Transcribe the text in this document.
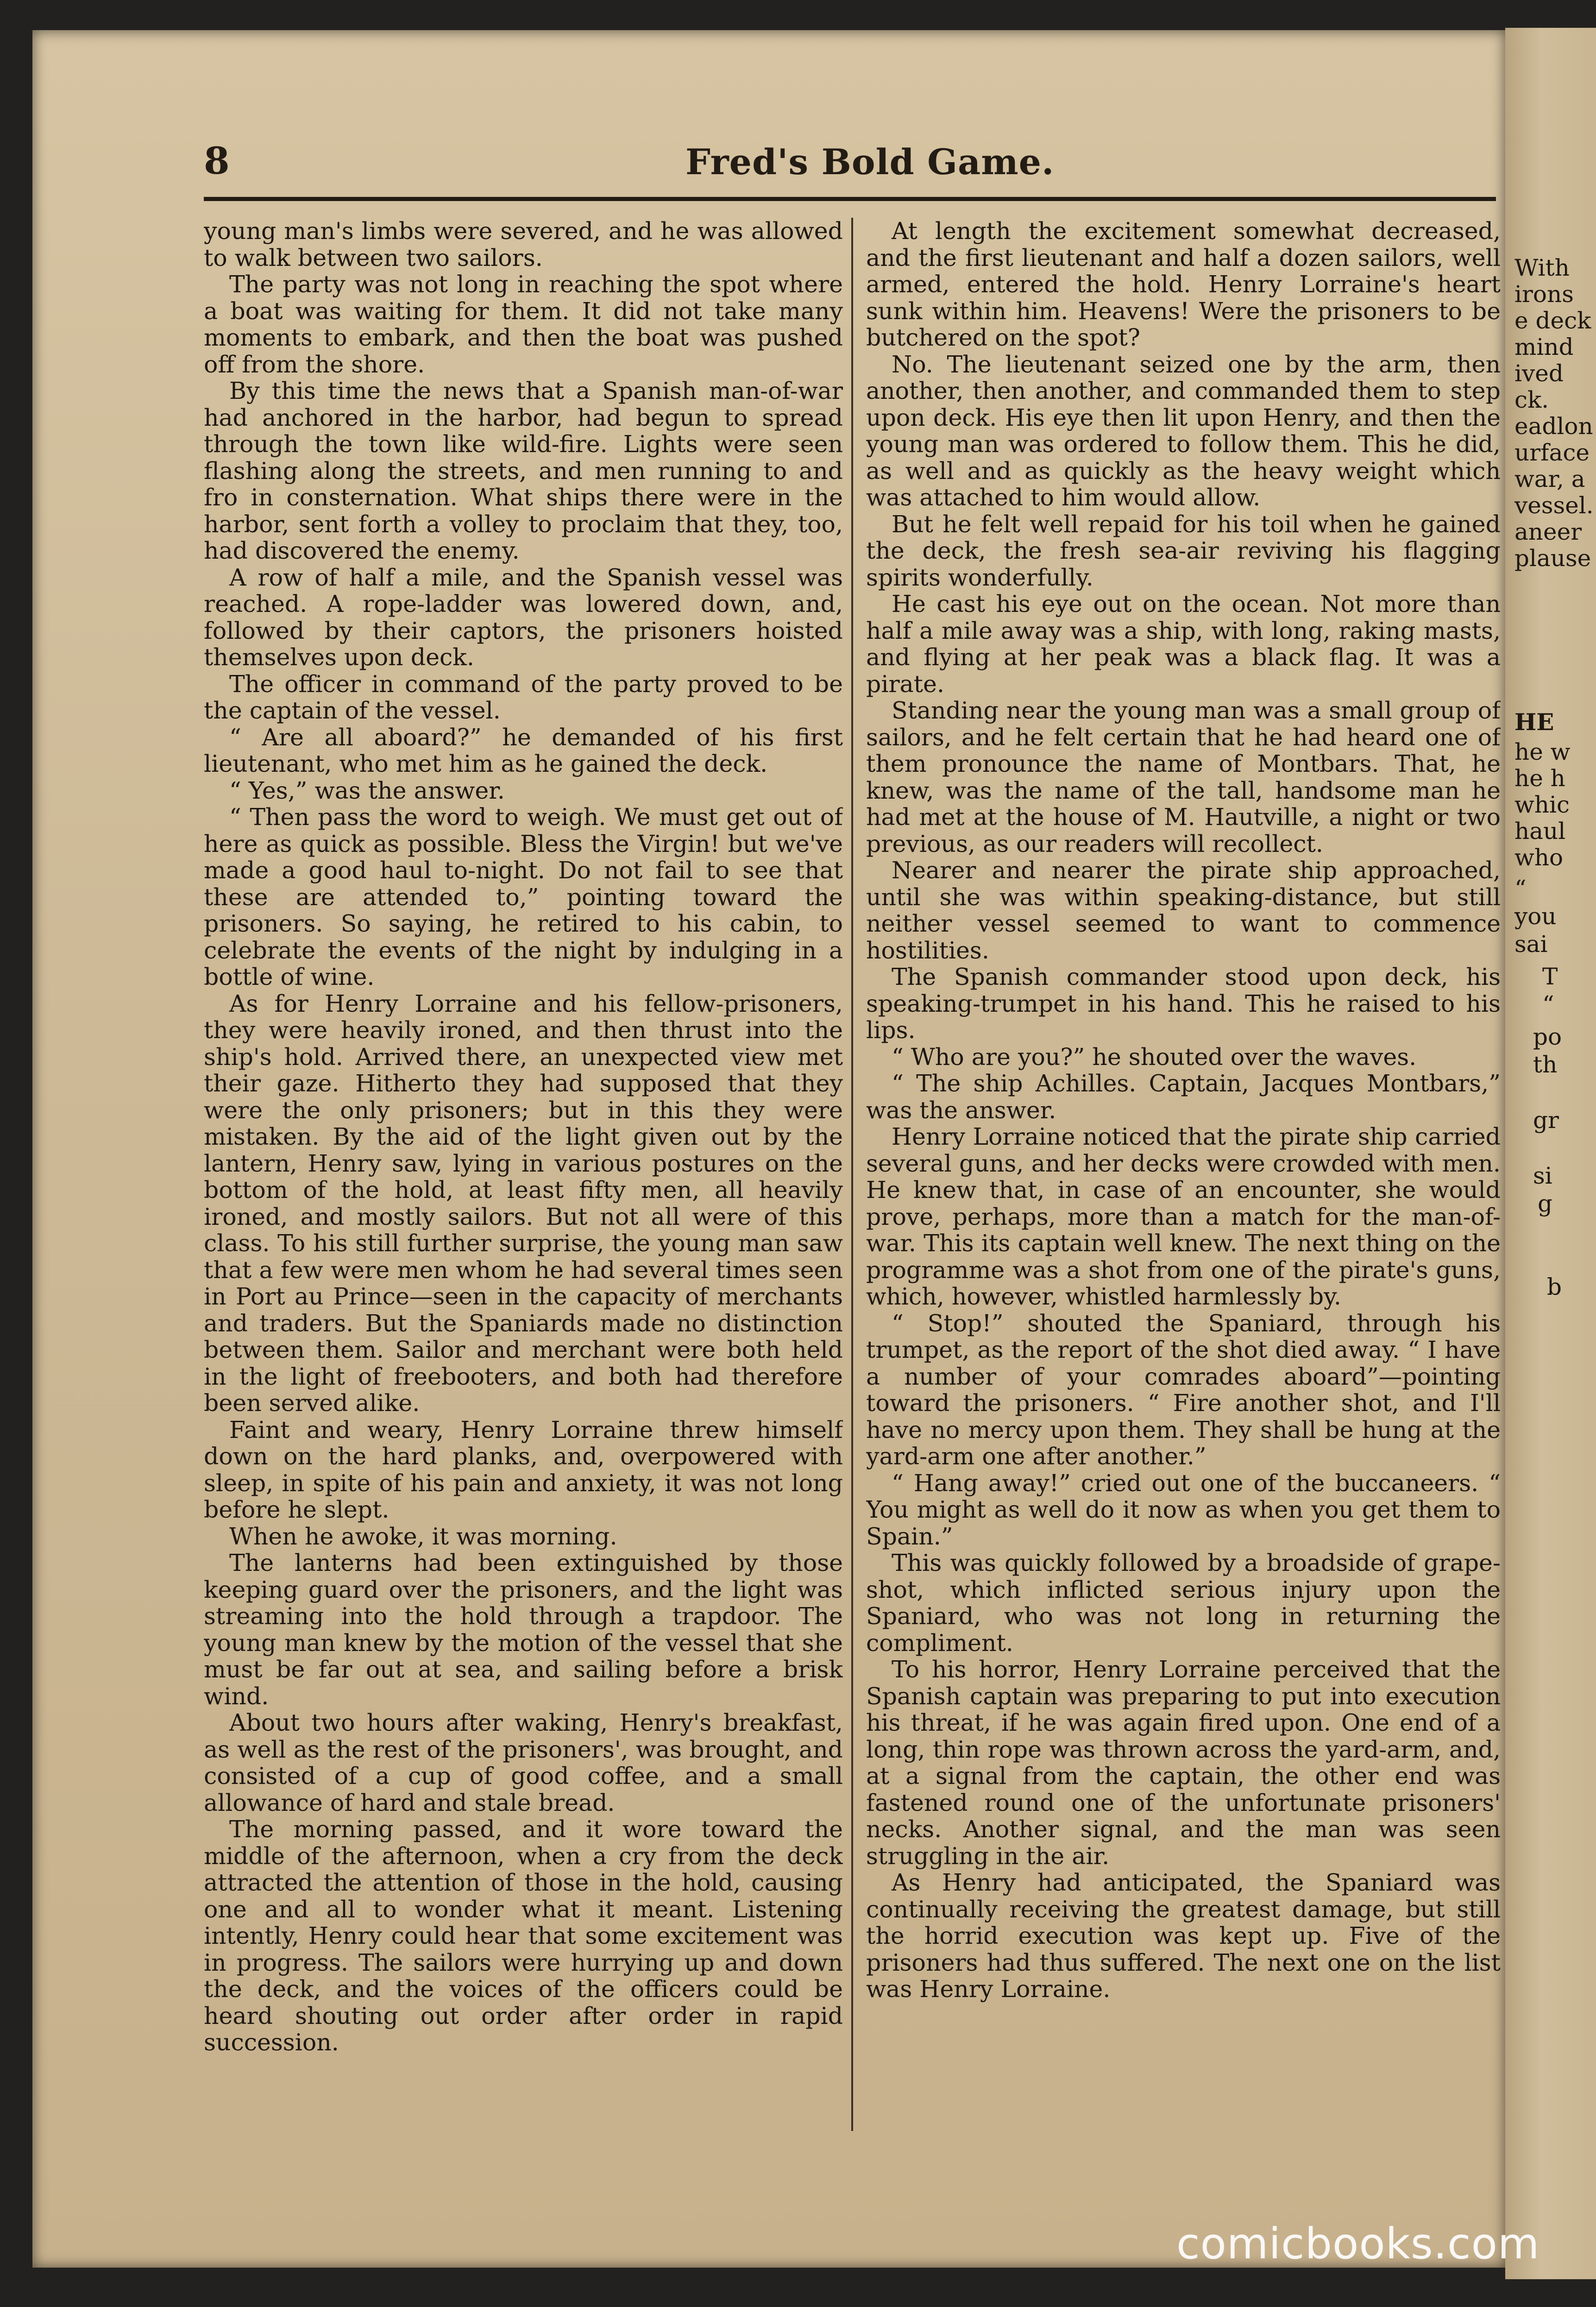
With
irons
e deck
mind
ived
ck.
eadlon
urface
war, a
vessel.
aneer
plause
HE
he w
he h
whic
haul
who
“
you
sai
T
“
po
th
gr
si
g
b
8	Fred's Bold Game.

young man's limbs were severed, and he was allowed to walk between two sailors.

The party was not long in reaching the spot where a boat was waiting for them. It did not take many moments to embark, and then the boat was pushed off from the shore.

By this time the news that a Spanish man-of-war had anchored in the harbor, had begun to spread through the town like wild-fire. Lights were seen flashing along the streets, and men running to and fro in consternation. What ships there were in the harbor, sent forth a volley to proclaim that they, too, had discovered the enemy.

A row of half a mile, and the Spanish vessel was reached. A rope-ladder was lowered down, and, followed by their captors, the prisoners hoisted themselves upon deck.

The officer in command of the party proved to be the captain of the vessel.

“ Are all aboard?” he demanded of his first lieutenant, who met him as he gained the deck.

“ Yes,” was the answer.

“ Then pass the word to weigh. We must get out of here as quick as possible. Bless the Virgin! but we've made a good haul to-night. Do not fail to see that these are attended to,” pointing toward the prisoners. So saying, he retired to his cabin, to celebrate the events of the night by indulging in a bottle of wine.

As for Henry Lorraine and his fellow-prisoners, they were heavily ironed, and then thrust into the ship's hold. Arrived there, an unexpected view met their gaze. Hitherto they had supposed that they were the only prisoners; but in this they were mistaken. By the aid of the light given out by the lantern, Henry saw, lying in various postures on the bottom of the hold, at least fifty men, all heavily ironed, and mostly sailors. But not all were of this class. To his still further surprise, the young man saw that a few were men whom he had several times seen in Port au Prince—seen in the capacity of merchants and traders. But the Spaniards made no distinction between them. Sailor and merchant were both held in the light of freebooters, and both had therefore been served alike.

Faint and weary, Henry Lorraine threw himself down on the hard planks, and, overpowered with sleep, in spite of his pain and anxiety, it was not long before he slept.

When he awoke, it was morning.

The lanterns had been extinguished by those keeping guard over the prisoners, and the light was streaming into the hold through a trapdoor. The young man knew by the motion of the vessel that she must be far out at sea, and sailing before a brisk wind.

About two hours after waking, Henry's breakfast, as well as the rest of the prisoners', was brought, and consisted of a cup of good coffee, and a small allowance of hard and stale bread.

The morning passed, and it wore toward the middle of the afternoon, when a cry from the deck attracted the attention of those in the hold, causing one and all to wonder what it meant. Listening intently, Henry could hear that some excitement was in progress. The sailors were hurrying up and down the deck, and the voices of the officers could be heard shouting out order after order in rapid succession.

At length the excitement somewhat decreased, and the first lieutenant and half a dozen sailors, well armed, entered the hold. Henry Lorraine's heart sunk within him. Heavens! Were the prisoners to be butchered on the spot?

No. The lieutenant seized one by the arm, then another, then another, and commanded them to step upon deck. His eye then lit upon Henry, and then the young man was ordered to follow them. This he did, as well and as quickly as the heavy weight which was attached to him would allow.

But he felt well repaid for his toil when he gained the deck, the fresh sea-air reviving his flagging spirits wonderfully.

He cast his eye out on the ocean. Not more than half a mile away was a ship, with long, raking masts, and flying at her peak was a black flag. It was a pirate.

Standing near the young man was a small group of sailors, and he felt certain that he had heard one of them pronounce the name of Montbars. That, he knew, was the name of the tall, handsome man he had met at the house of M. Hautville, a night or two previous, as our readers will recollect.

Nearer and nearer the pirate ship approached, until she was within speaking-distance, but still neither vessel seemed to want to commence hostilities.

The Spanish commander stood upon deck, his speaking-trumpet in his hand. This he raised to his lips.

“ Who are you?” he shouted over the waves.

“ The ship Achilles. Captain, Jacques Montbars,” was the answer.

Henry Lorraine noticed that the pirate ship carried several guns, and her decks were crowded with men. He knew that, in case of an encounter, she would prove, perhaps, more than a match for the man-of-war. This its captain well knew. The next thing on the programme was a shot from one of the pirate's guns, which, however, whistled harmlessly by.

“ Stop!” shouted the Spaniard, through his trumpet, as the report of the shot died away. “ I have a number of your comrades aboard”—pointing toward the prisoners. “ Fire another shot, and I'll have no mercy upon them. They shall be hung at the yard-arm one after another.”

“ Hang away!” cried out one of the buccaneers. “ You might as well do it now as when you get them to Spain.”

This was quickly followed by a broadside of grape-shot, which inflicted serious injury upon the Spaniard, who was not long in returning the compliment.

To his horror, Henry Lorraine perceived that the Spanish captain was preparing to put into execution his threat, if he was again fired upon. One end of a long, thin rope was thrown across the yard-arm, and, at a signal from the captain, the other end was fastened round one of the unfortunate prisoners' necks. Another signal, and the man was seen struggling in the air.

As Henry had anticipated, the Spaniard was continually receiving the greatest damage, but still the horrid execution was kept up. Five of the prisoners had thus suffered. The next one on the list was Henry Lorraine.

comicbooks.com
